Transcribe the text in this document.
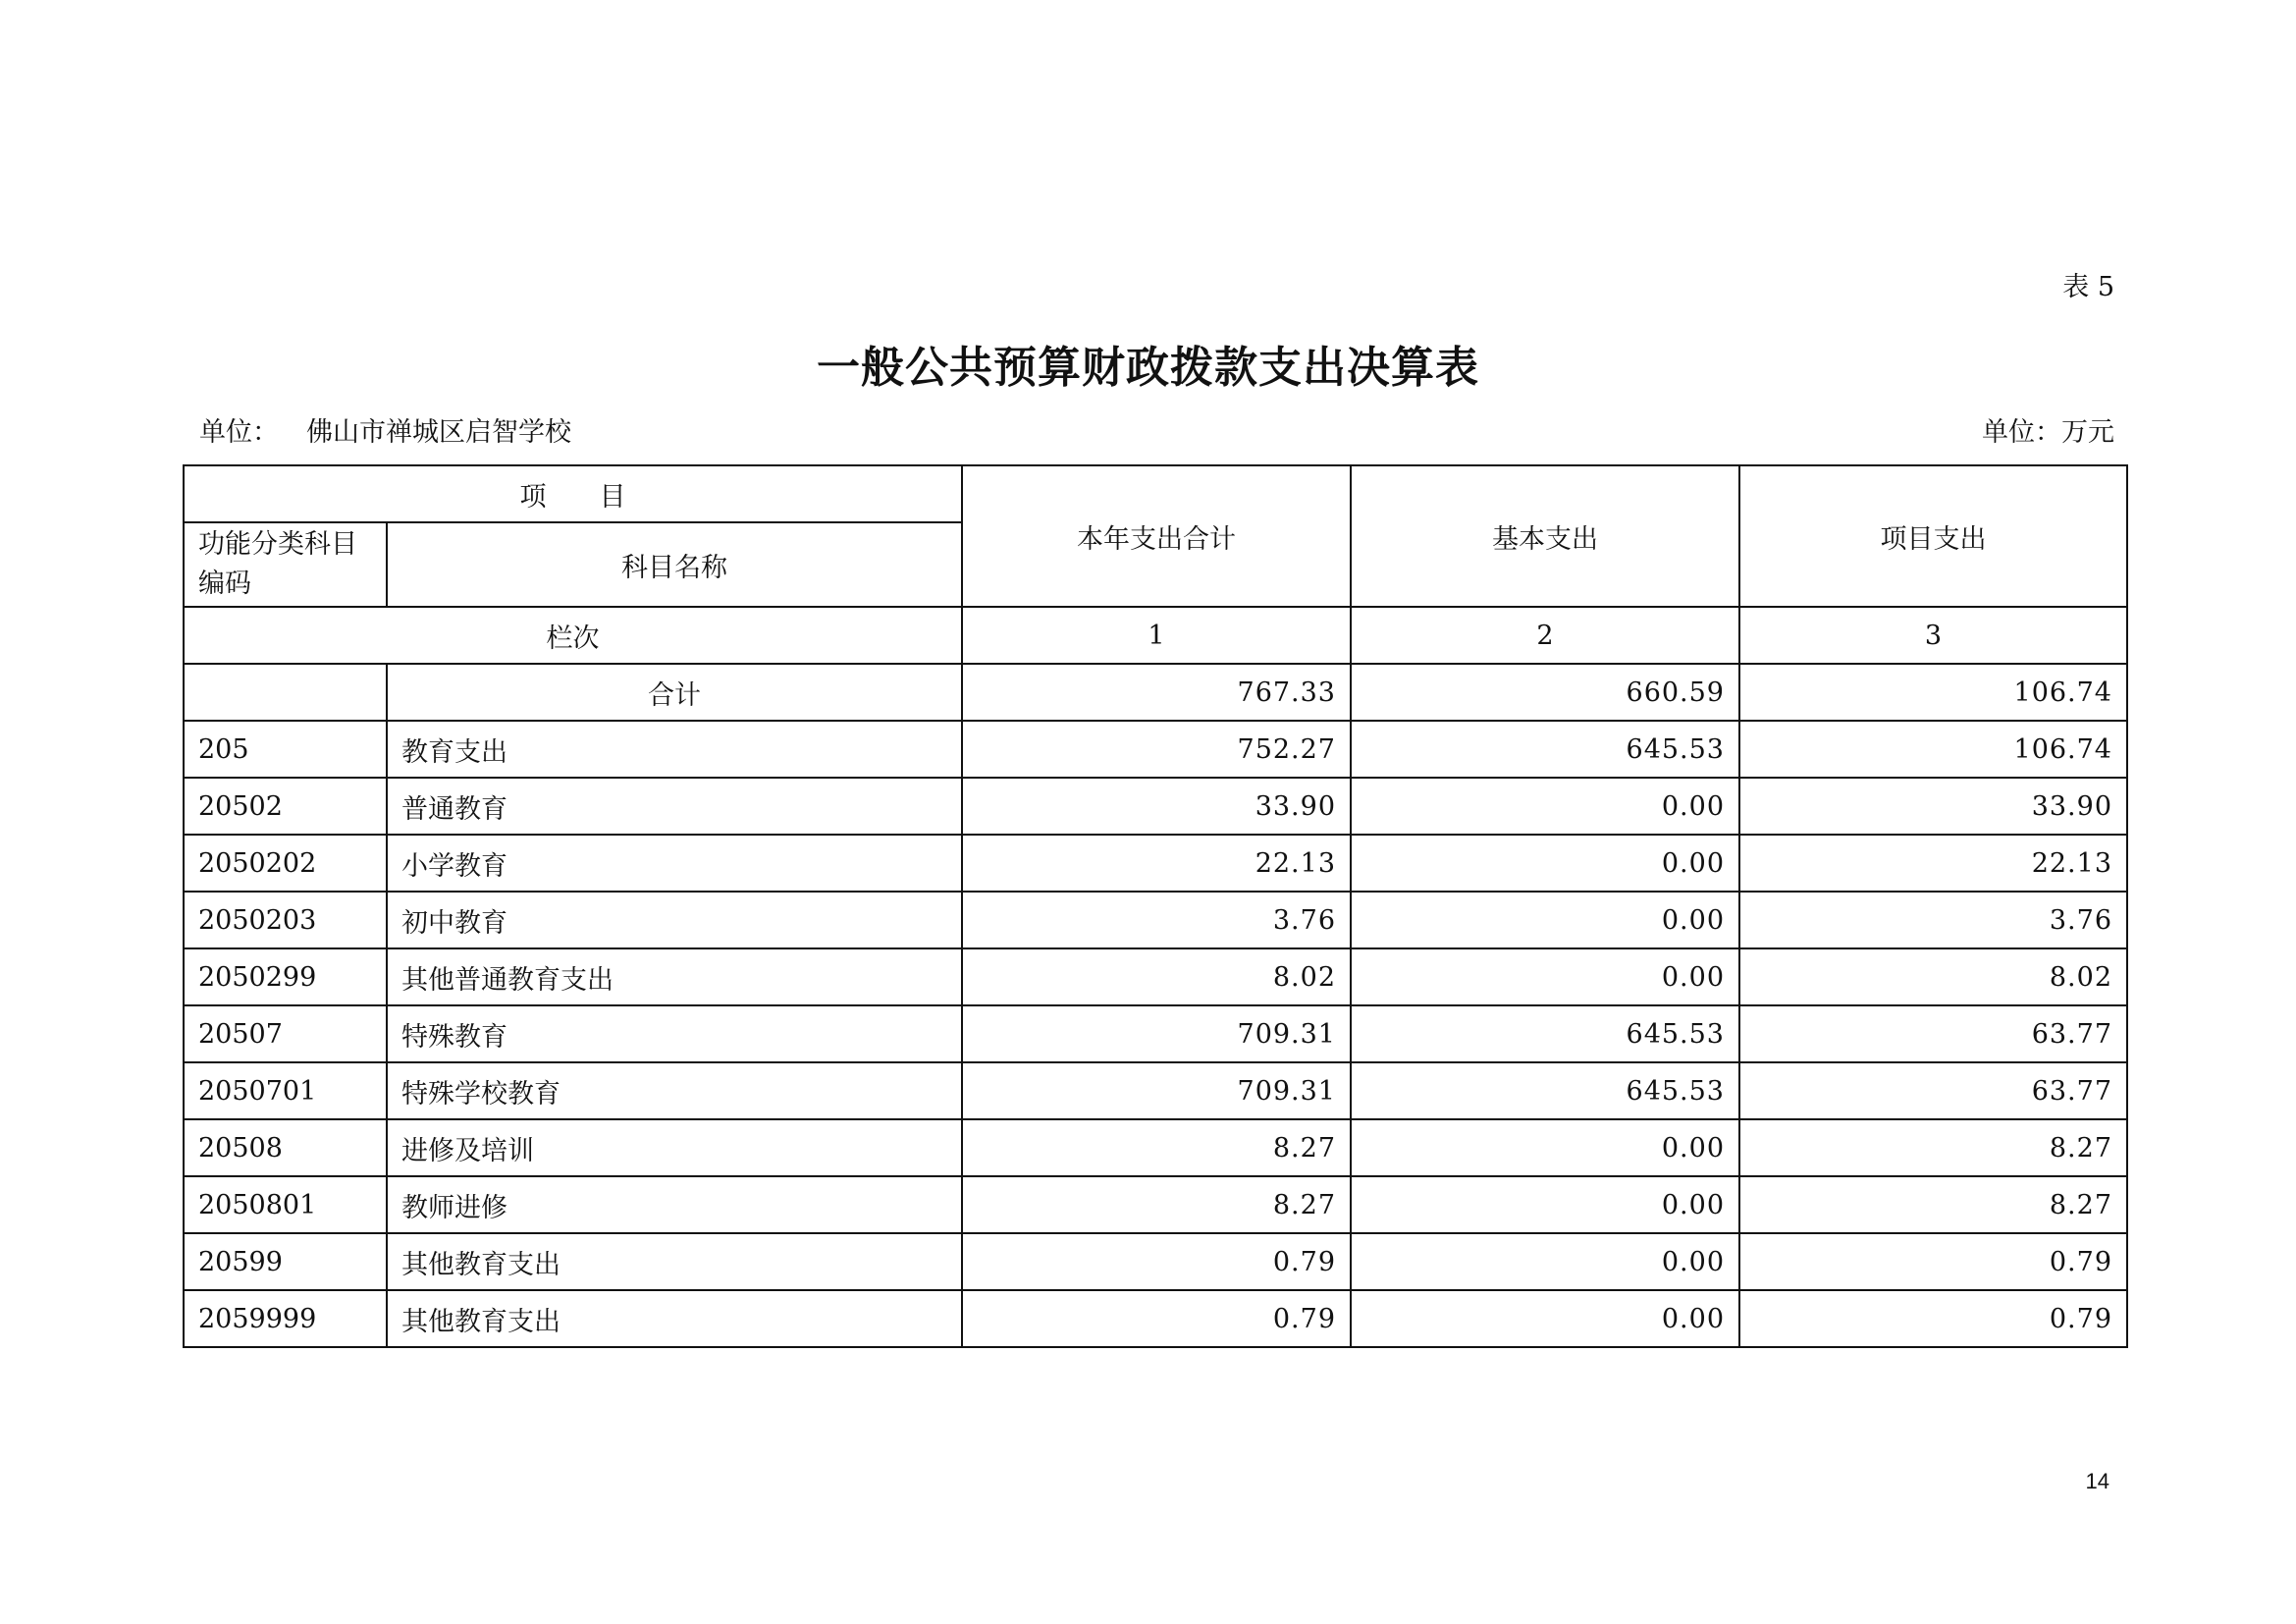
表 5
一般公共预算财政拨款支出决算表
单位： 佛山市禅城区启智学校	单位：万元
项　　目		本年支出合计	基本支出	项目支出
功能分类科目编码	科目名称			
栏次		1	2	3
	合计	767.33	660.59	106.74
205	教育支出	752.27	645.53	106.74
20502	普通教育	33.90	0.00	33.90
2050202	小学教育	22.13	0.00	22.13
2050203	初中教育	3.76	0.00	3.76
2050299	其他普通教育支出	8.02	0.00	8.02
20507	特殊教育	709.31	645.53	63.77
2050701	特殊学校教育	709.31	645.53	63.77
20508	进修及培训	8.27	0.00	8.27
2050801	教师进修	8.27	0.00	8.27
20599	其他教育支出	0.79	0.00	0.79
2059999	其他教育支出	0.79	0.00	0.79
14
